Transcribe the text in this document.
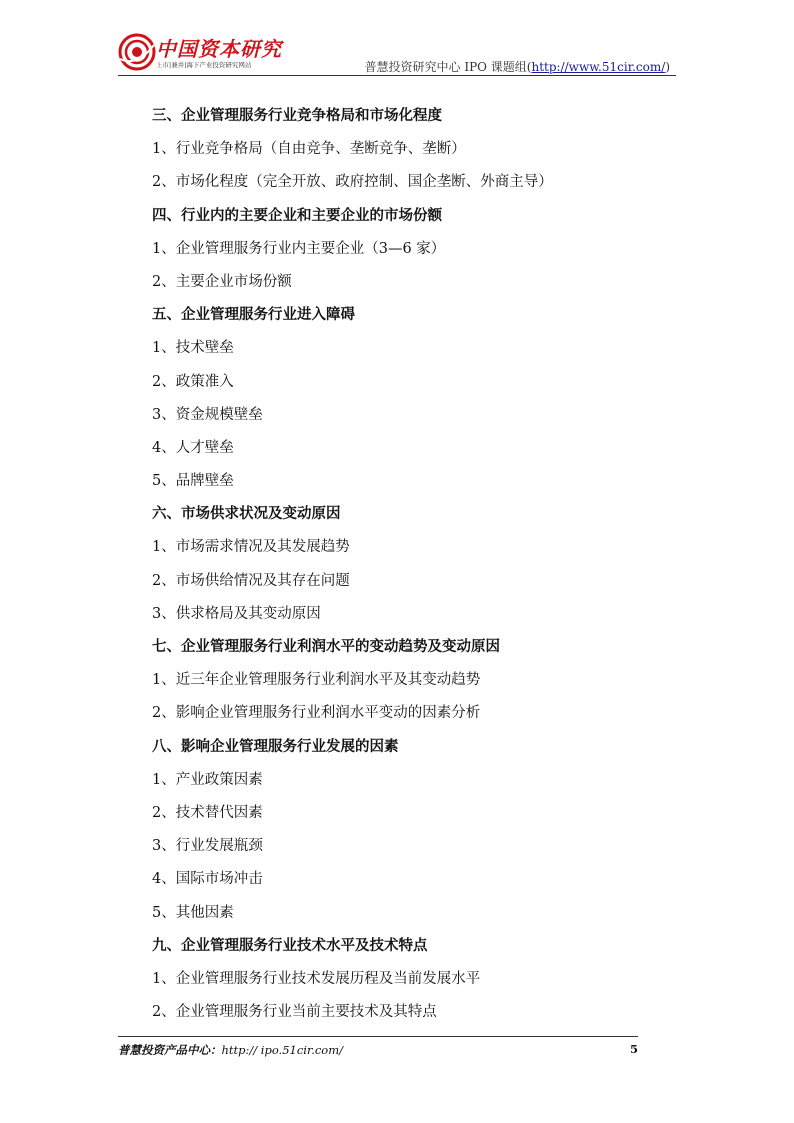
中国资本研究
上市|兼并|海下产业投资研究网站	普慧投资研究中心 IPO 课题组(http://www.51cir.com/)
三、企业管理服务行业竞争格局和市场化程度
1、行业竞争格局（自由竞争、垄断竞争、垄断）
2、市场化程度（完全开放、政府控制、国企垄断、外商主导）
四、行业内的主要企业和主要企业的市场份额
1、企业管理服务行业内主要企业（3—6 家）
2、主要企业市场份额
五、企业管理服务行业进入障碍
1、技术壁垒
2、政策准入
3、资金规模壁垒
4、人才壁垒
5、品牌壁垒
六、市场供求状况及变动原因
1、市场需求情况及其发展趋势
2、市场供给情况及其存在问题
3、供求格局及其变动原因
七、企业管理服务行业利润水平的变动趋势及变动原因
1、近三年企业管理服务行业利润水平及其变动趋势
2、影响企业管理服务行业利润水平变动的因素分析
八、影响企业管理服务行业发展的因素
1、产业政策因素
2、技术替代因素
3、行业发展瓶颈
4、国际市场冲击
5、其他因素
九、企业管理服务行业技术水平及技术特点
1、企业管理服务行业技术发展历程及当前发展水平
2、企业管理服务行业当前主要技术及其特点
普慧投资产品中心：http:// ipo.51cir.com/	5
